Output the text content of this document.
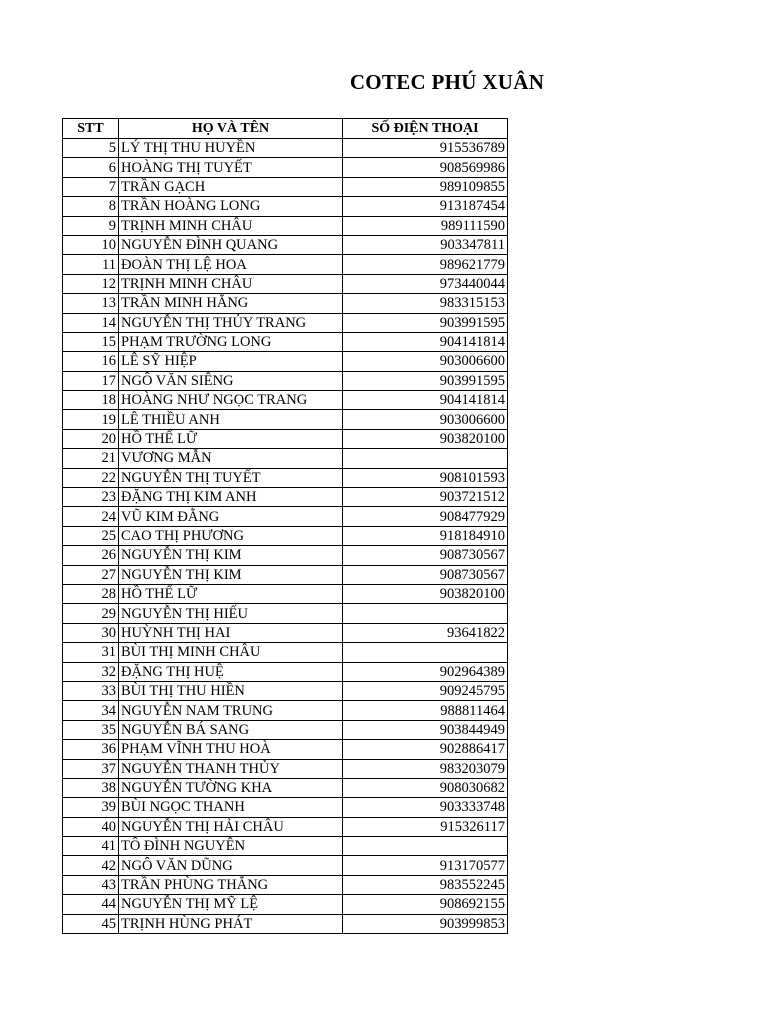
COTEC PHÚ XUÂN
STT	HỌ VÀ TÊN	SỐ ĐIỆN THOẠI
5	LÝ THỊ THU HUYỀN	915536789
6	HOÀNG THỊ TUYẾT	908569986
7	TRẦN GẠCH	989109855
8	TRẦN HOÀNG LONG	913187454
9	TRỊNH MINH CHÂU	989111590
10	NGUYỄN ĐÌNH QUANG	903347811
11	ĐOÀN THỊ LỆ HOA	989621779
12	TRỊNH MINH CHÂU	973440044
13	TRẦN MINH HẰNG	983315153
14	NGUYỄN THỊ THỦY TRANG	903991595
15	PHẠM TRƯỜNG LONG	904141814
16	LÊ SỸ HIỆP	903006600
17	NGÔ VĂN SIÊNG	903991595
18	HOÀNG NHƯ NGỌC TRANG	904141814
19	LÊ THIỀU ANH	903006600
20	HỒ THẾ LỮ	903820100
21	VƯƠNG MẪN	
22	NGUYỄN THỊ TUYẾT	908101593
23	ĐẶNG THỊ KIM ANH	903721512
24	VŨ KIM ĐẰNG	908477929
25	CAO THỊ PHƯƠNG	918184910
26	NGUYỄN THỊ KIM	908730567
27	NGUYỄN THỊ KIM	908730567
28	HỒ THẾ LỮ	903820100
29	NGUYỄN THỊ HIẾU	
30	HUỲNH THỊ HAI	93641822
31	BÙI THỊ MINH CHÂU	
32	ĐẶNG THỊ HUỆ	902964389
33	BÙI THỊ THU HIỀN	909245795
34	NGUYỄN NAM TRUNG	988811464
35	NGUYỄN BÁ SANG	903844949
36	PHẠM VĨNH THU HOÀ	902886417
37	NGUYỄN THANH THỦY	983203079
38	NGUYỄN TƯỜNG KHA	908030682
39	BÙI NGỌC THANH	903333748
40	NGUYỄN THỊ HẢI CHÂU	915326117
41	TÔ ĐÌNH NGUYÊN	
42	NGÔ VĂN DŨNG	913170577
43	TRẦN PHÙNG THẮNG	983552245
44	NGUYỄN THỊ MỸ LỆ	908692155
45	TRỊNH HÙNG PHÁT	903999853
